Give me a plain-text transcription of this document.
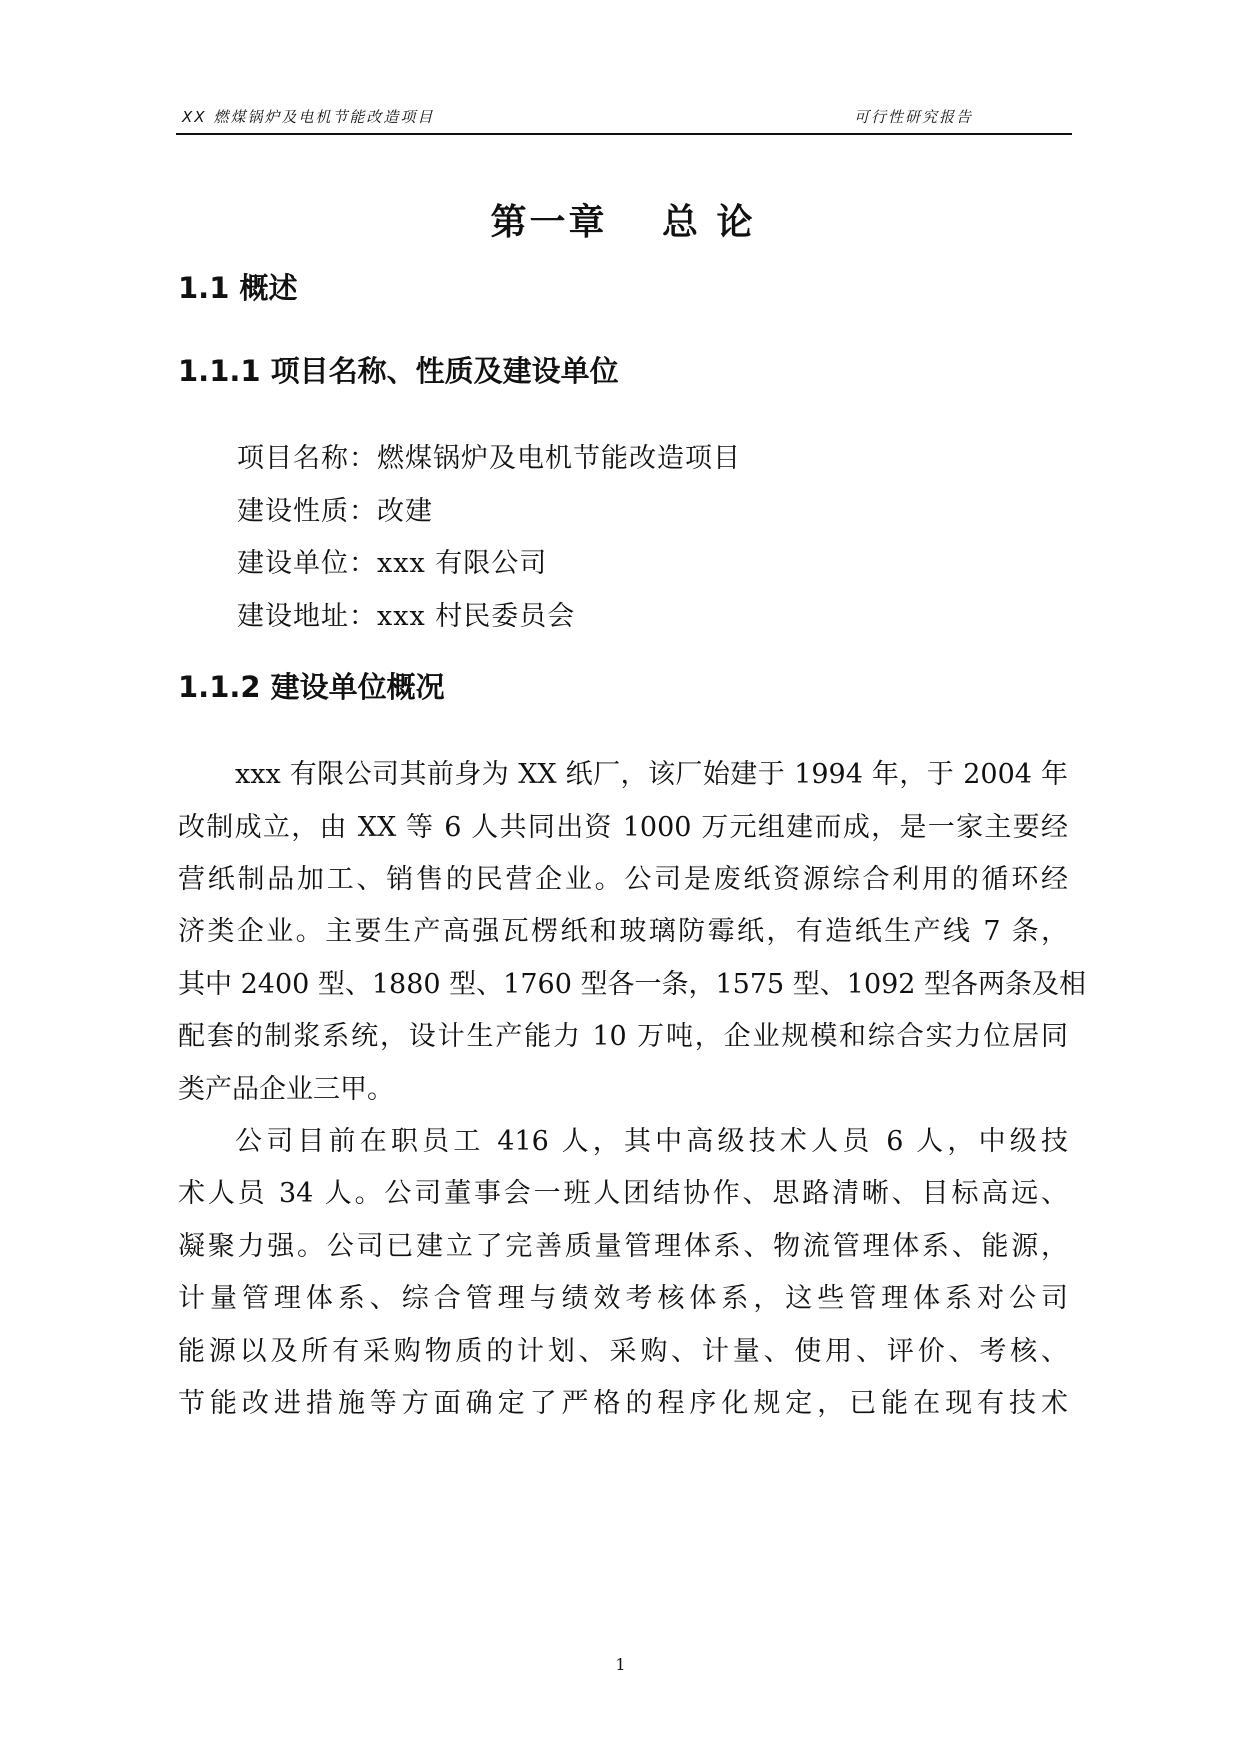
XX 燃煤锅炉及电机节能改造项目	可行性研究报告
第一章　 总 论
1.1 概述
1.1.1 项目名称、性质及建设单位
项目名称：燃煤锅炉及电机节能改造项目
建设性质：改建
建设单位：xxx 有限公司
建设地址：xxx 村民委员会
1.1.2 建设单位概况
xxx 有限公司其前身为 XX 纸厂，该厂始建于 1994 年，于 2004 年
改制成立，由 XX 等 6 人共同出资 1000 万元组建而成，是一家主要经
营纸制品加工、销售的民营企业。公司是废纸资源综合利用的循环经
济类企业。主要生产高强瓦楞纸和玻璃防霉纸，有造纸生产线 7 条，
其中 2400 型、1880 型、1760 型各一条，1575 型、1092 型各两条及相
配套的制浆系统，设计生产能力 10 万吨，企业规模和综合实力位居同
类产品企业三甲。
公司目前在职员工 416 人，其中高级技术人员 6 人，中级技
术人员 34 人。公司董事会一班人团结协作、思路清晰、目标高远、
凝聚力强。公司已建立了完善质量管理体系、物流管理体系、能源，
计量管理体系、综合管理与绩效考核体系，这些管理体系对公司
能源以及所有采购物质的计划、采购、计量、使用、评价、考核、
节能改进措施等方面确定了严格的程序化规定，已能在现有技术
1
